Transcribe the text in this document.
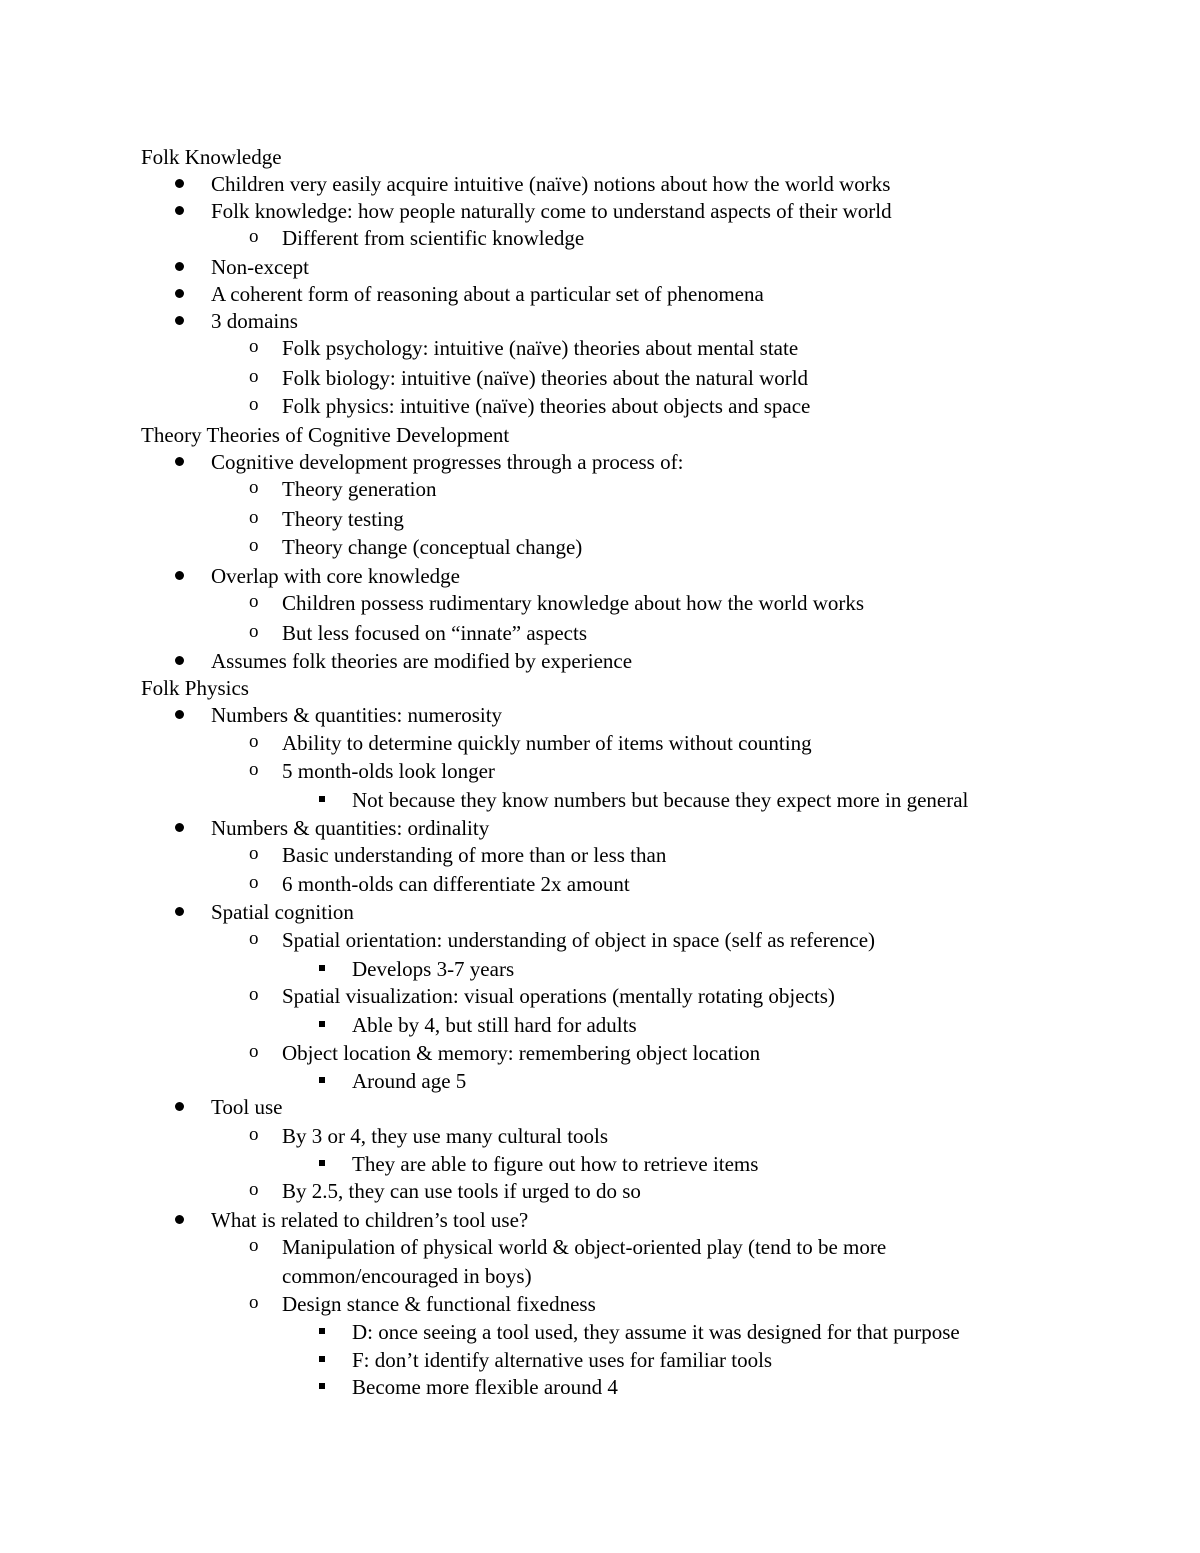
Folk Knowledge
Children very easily acquire intuitive (naïve) notions about how the world works
Folk knowledge: how people naturally come to understand aspects of their world
o Different from scientific knowledge
Non-except
A coherent form of reasoning about a particular set of phenomena
3 domains
o Folk psychology: intuitive (naïve) theories about mental state
o Folk biology: intuitive (naïve) theories about the natural world
o Folk physics: intuitive (naïve) theories about objects and space
Theory Theories of Cognitive Development
Cognitive development progresses through a process of:
o Theory generation
o Theory testing
o Theory change (conceptual change)
Overlap with core knowledge
o Children possess rudimentary knowledge about how the world works
o But less focused on “innate” aspects
Assumes folk theories are modified by experience
Folk Physics
Numbers & quantities: numerosity
o Ability to determine quickly number of items without counting
o 5 month-olds look longer
Not because they know numbers but because they expect more in general
Numbers & quantities: ordinality
o Basic understanding of more than or less than
o 6 month-olds can differentiate 2x amount
Spatial cognition
o Spatial orientation: understanding of object in space (self as reference)
Develops 3-7 years
o Spatial visualization: visual operations (mentally rotating objects)
Able by 4, but still hard for adults
o Object location & memory: remembering object location
Around age 5
Tool use
o By 3 or 4, they use many cultural tools
They are able to figure out how to retrieve items
o By 2.5, they can use tools if urged to do so
What is related to children’s tool use?
o Manipulation of physical world & object-oriented play (tend to be more
common/encouraged in boys)
o Design stance & functional fixedness
D: once seeing a tool used, they assume it was designed for that purpose
F: don’t identify alternative uses for familiar tools
Become more flexible around 4
